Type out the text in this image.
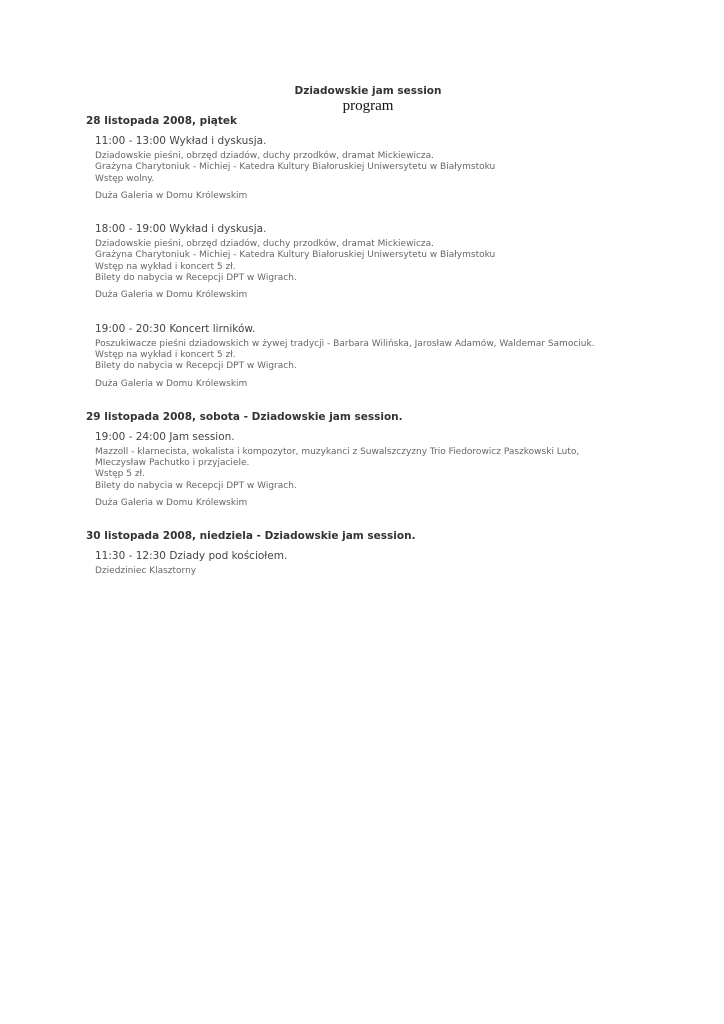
Dziadowskie jam session

program

28 listopada 2008, piątek

11:00 - 13:00 Wykład i dyskusja.

Dziadowskie pieśni, obrzęd dziadów, duchy przodków, dramat Mickiewicza.

Grażyna Charytoniuk - Michiej - Katedra Kultury Białoruskiej Uniwersytetu w Białymstoku

Wstęp wolny.

Duża Galeria w Domu Królewskim

18:00 - 19:00 Wykład i dyskusja.

Dziadowskie pieśni, obrzęd dziadów, duchy przodków, dramat Mickiewicza.

Grażyna Charytoniuk - Michiej - Katedra Kultury Białoruskiej Uniwersytetu w Białymstoku

Wstęp na wykład i koncert 5 zł.

Bilety do nabycia w Recepcji DPT w Wigrach.

Duża Galeria w Domu Królewskim

19:00 - 20:30 Koncert lirników.

Poszukiwacze pieśni dziadowskich w żywej tradycji - Barbara Wilińska, Jarosław Adamów, Waldemar Samociuk.

Wstęp na wykład i koncert 5 zł.

Bilety do nabycia w Recepcji DPT w Wigrach.

Duża Galeria w Domu Królewskim

29 listopada 2008, sobota - Dziadowskie jam session.

19:00 - 24:00 Jam session.

Mazzoll - klarnecista, wokalista i kompozytor, muzykanci z Suwalszczyzny Trio Fiedorowicz Paszkowski Luto,

MIeczysław Pachutko i przyjaciele.

Wstęp 5 zł.

Bilety do nabycia w Recepcji DPT w Wigrach.

Duża Galeria w Domu Królewskim

30 listopada 2008, niedziela - Dziadowskie jam session.

11:30 - 12:30 Dziady pod kościołem.

Dziedziniec Klasztorny
